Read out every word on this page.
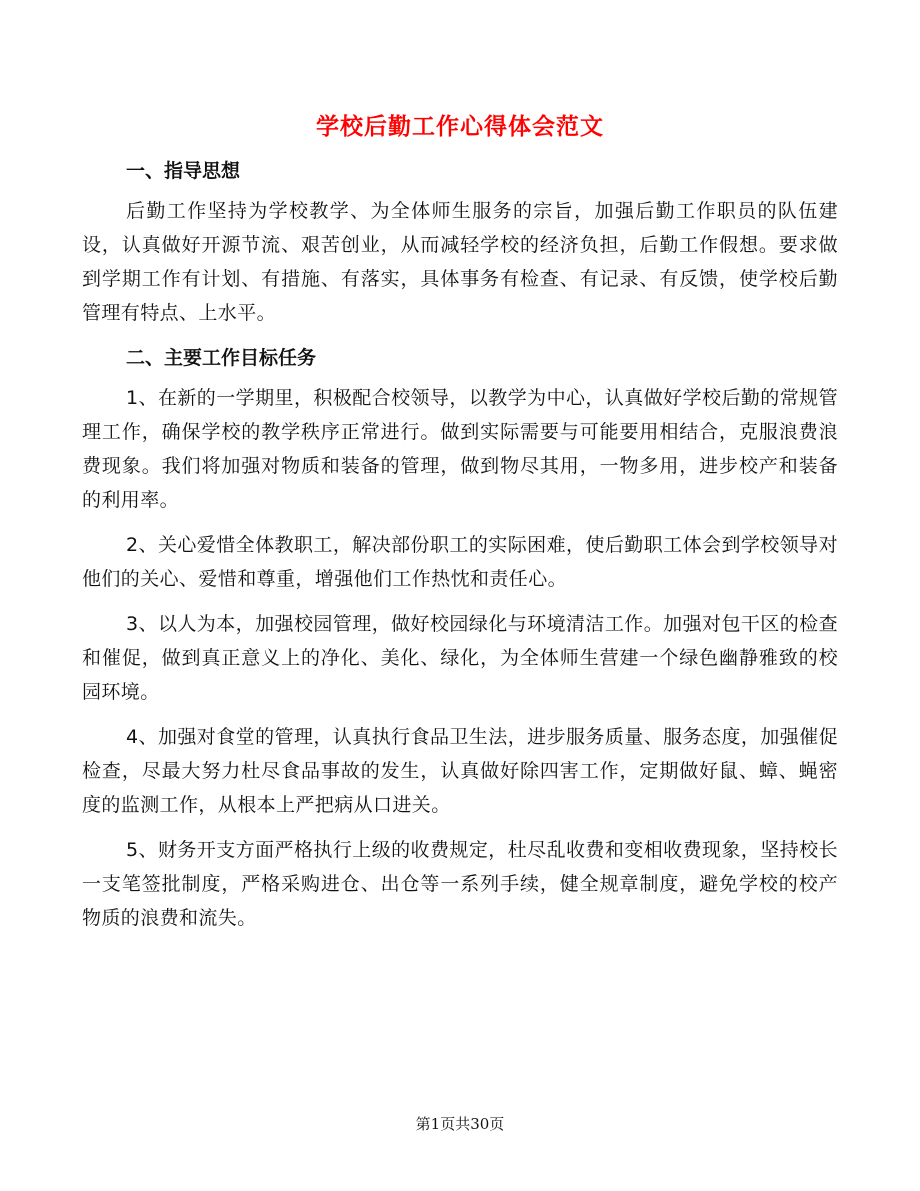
学校后勤工作心得体会范文
一、指导思想

后勤工作坚持为学校教学、为全体师生服务的宗旨，加强后勤工作职员的队伍建设，认真做好开源节流、艰苦创业，从而减轻学校的经济负担，后勤工作假想。要求做到学期工作有计划、有措施、有落实，具体事务有检查、有记录、有反馈，使学校后勤管理有特点、上水平。

二、主要工作目标任务

1、在新的一学期里，积极配合校领导，以教学为中心，认真做好学校后勤的常规管理工作，确保学校的教学秩序正常进行。做到实际需要与可能要用相结合，克服浪费浪费现象。我们将加强对物质和装备的管理，做到物尽其用，一物多用，进步校产和装备的利用率。

2、关心爱惜全体教职工，解决部份职工的实际困难，使后勤职工体会到学校领导对他们的关心、爱惜和尊重，增强他们工作热忱和责任心。

3、以人为本，加强校园管理，做好校园绿化与环境清洁工作。加强对包干区的检查和催促，做到真正意义上的净化、美化、绿化，为全体师生营建一个绿色幽静雅致的校园环境。

4、加强对食堂的管理，认真执行食品卫生法，进步服务质量、服务态度，加强催促检查，尽最大努力杜尽食品事故的发生，认真做好除四害工作，定期做好鼠、蟑、蝇密度的监测工作，从根本上严把病从口进关。

5、财务开支方面严格执行上级的收费规定，杜尽乱收费和变相收费现象，坚持校长一支笔签批制度，严格采购进仓、出仓等一系列手续，健全规章制度，避免学校的校产物质的浪费和流失。

第1页共30页
